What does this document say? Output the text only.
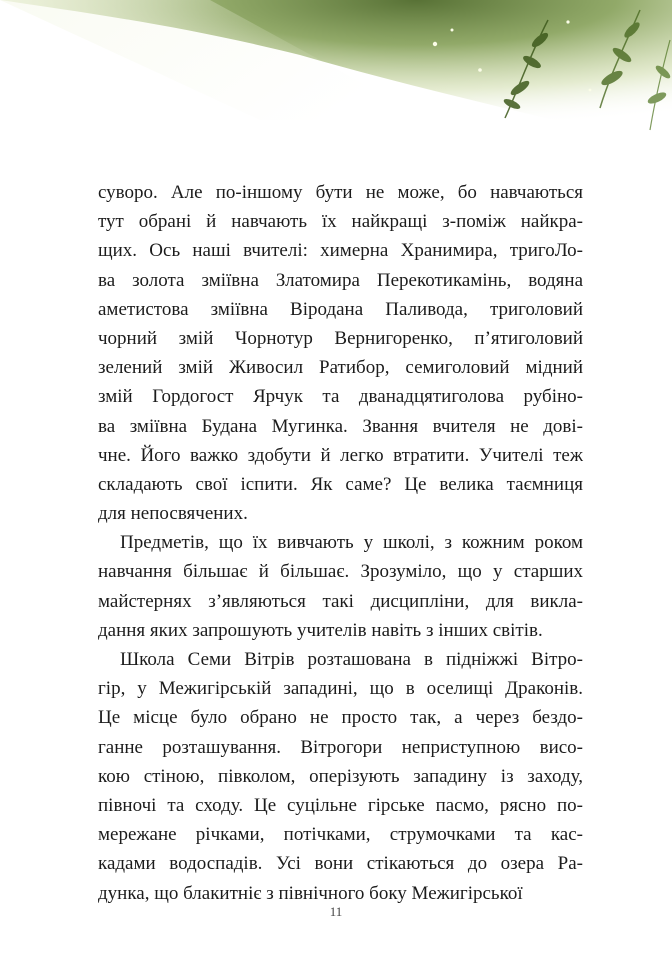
суворо. Але по-іншому бути не може, бо навчаються
тут обрані й навчають їх найкращі з-поміж найкра-
щих. Ось наші вчителі: химерна Хранимира, тригоЛо-
ва золота змiївна Златомира Перекотикамінь, водяна
аметистова змiївна Віродана Паливода, триголовий
чорний змій Чорнотур Вернигоренко, п’ятиголовий
зелений змій Живосил Ратибор, семиголовий мідний
змій Гордогост Ярчук та дванадцятиголова рубіно-
ва змiївна Будана Мугинка. Звання вчителя не дові-
чне. Його важко здобути й легко втратити. Учителі теж
складають свої іспити. Як саме? Це велика таємниця
для непосвячених.
Предметів, що їх вивчають у школі, з кожним роком
навчання більшає й більшає. Зрозуміло, що у старших
майстернях з’являються такі дисципліни, для викла-
дання яких запрошують учителів навіть з інших світів.
Школа Семи Вітрів розташована в підніжжі Вітро-
гір, у Межигірській западині, що в оселищі Драконів.
Це місце було обрано не просто так, а через бездо-
ганне розташування. Вітрогори неприступною висо-
кою стіною, півколом, оперізують западину із заходу,
півночі та сходу. Це суцільне гірське пасмо, рясно по-
мережане річками, потічками, струмочками та кас-
кадами водоспадів. Усі вони стікаються до озера Ра-
дунка, що блакитніє з північного боку Межигірської
11
